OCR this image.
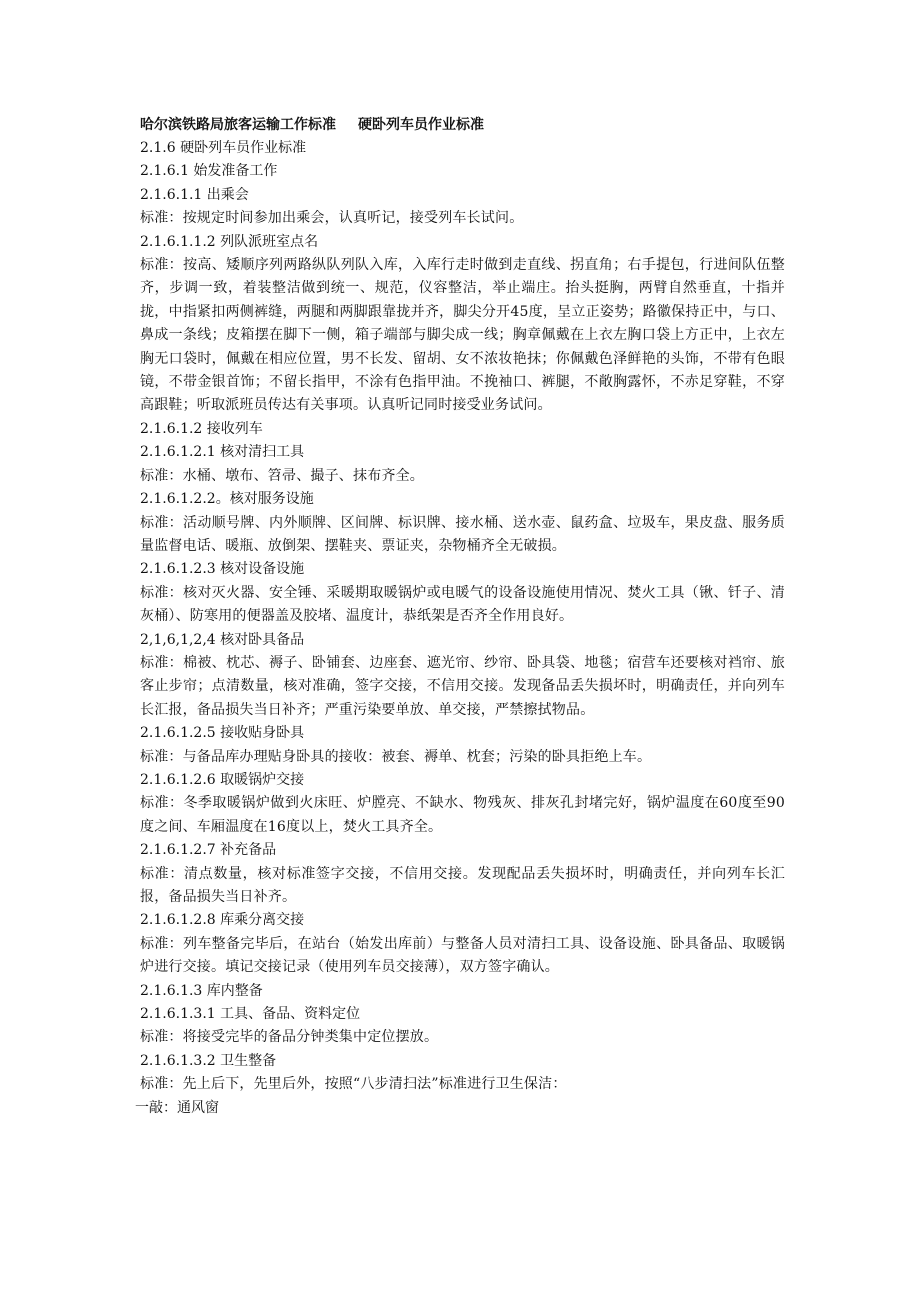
哈尔滨铁路局旅客运输工作标准 硬卧列车员作业标准
2.1.6 硬卧列车员作业标准
2.1.6.1 始发准备工作
2.1.6.1.1 出乘会
标准：按规定时间参加出乘会，认真听记，接受列车长试问。
2.1.6.1.1.2 列队派班室点名
标准：按高、矮顺序列两路纵队列队入库，入库行走时做到走直线、拐直角；右手提包，行进间队伍整齐，步调一致，着装整洁做到统一、规范，仪容整洁，举止端庄。抬头挺胸，两臂自然垂直，十指并拢，中指紧扣两侧裤缝，两腿和两脚跟靠拢并齐，脚尖分开45度，呈立正姿势；路徽保持正中，与口、鼻成一条线；皮箱摆在脚下一侧，箱子端部与脚尖成一线；胸章佩戴在上衣左胸口袋上方正中，上衣左胸无口袋时，佩戴在相应位置，男不长发、留胡、女不浓妆艳抹；你佩戴色泽鲜艳的头饰，不带有色眼镜，不带金银首饰；不留长指甲，不涂有色指甲油。不挽袖口、裤腿，不敞胸露怀，不赤足穿鞋，不穿高跟鞋；听取派班员传达有关事项。认真听记同时接受业务试问。
2.1.6.1.2 接收列车
2.1.6.1.2.1 核对清扫工具
标准：水桶、墩布、笤帚、撮子、抹布齐全。
2.1.6.1.2.2。核对服务设施
标准：活动顺号牌、内外顺牌、区间牌、标识牌、接水桶、送水壶、鼠药盒、垃圾车，果皮盘、服务质量监督电话、暖瓶、放倒架、摆鞋夹、票证夹，杂物桶齐全无破损。
2.1.6.1.2.3 核对设备设施
标准：核对灭火器、安全锤、采暖期取暖锅炉或电暖气的设备设施使用情况、焚火工具（锹、钎子、清灰桶）、防寒用的便器盖及胶堵、温度计，恭纸架是否齐全作用良好。
2,1,6,1,2,4 核对卧具备品
标准：棉被、枕芯、褥子、卧铺套、边座套、遮光帘、纱帘、卧具袋、地毯；宿营车还要核对裆帘、旅客止步帘；点清数量，核对准确，签字交接，不信用交接。发现备品丢失损坏时，明确责任，并向列车长汇报，备品损失当日补齐；严重污染要单放、单交接，严禁擦拭物品。
2.1.6.1.2.5 接收贴身卧具
标准：与备品库办理贴身卧具的接收：被套、褥单、枕套；污染的卧具拒绝上车。
2.1.6.1.2.6 取暖锅炉交接
标准：冬季取暖锅炉做到火床旺、炉膛亮、不缺水、物残灰、排灰孔封堵完好，锅炉温度在60度至90度之间、车厢温度在16度以上，焚火工具齐全。
2.1.6.1.2.7 补充备品
标准：清点数量，核对标准签字交接，不信用交接。发现配品丢失损坏时，明确责任，并向列车长汇报，备品损失当日补齐。
2.1.6.1.2.8 库乘分离交接
标准：列车整备完毕后，在站台（始发出库前）与整备人员对清扫工具、设备设施、卧具备品、取暖锅炉进行交接。填记交接记录（使用列车员交接薄），双方签字确认。
2.1.6.1.3 库内整备
2.1.6.1.3.1 工具、备品、资料定位
标准：将接受完毕的备品分钟类集中定位摆放。
2.1.6.1.3.2 卫生整备
标准：先上后下，先里后外，按照“八步清扫法”标准进行卫生保洁：
一敲：通风窗
